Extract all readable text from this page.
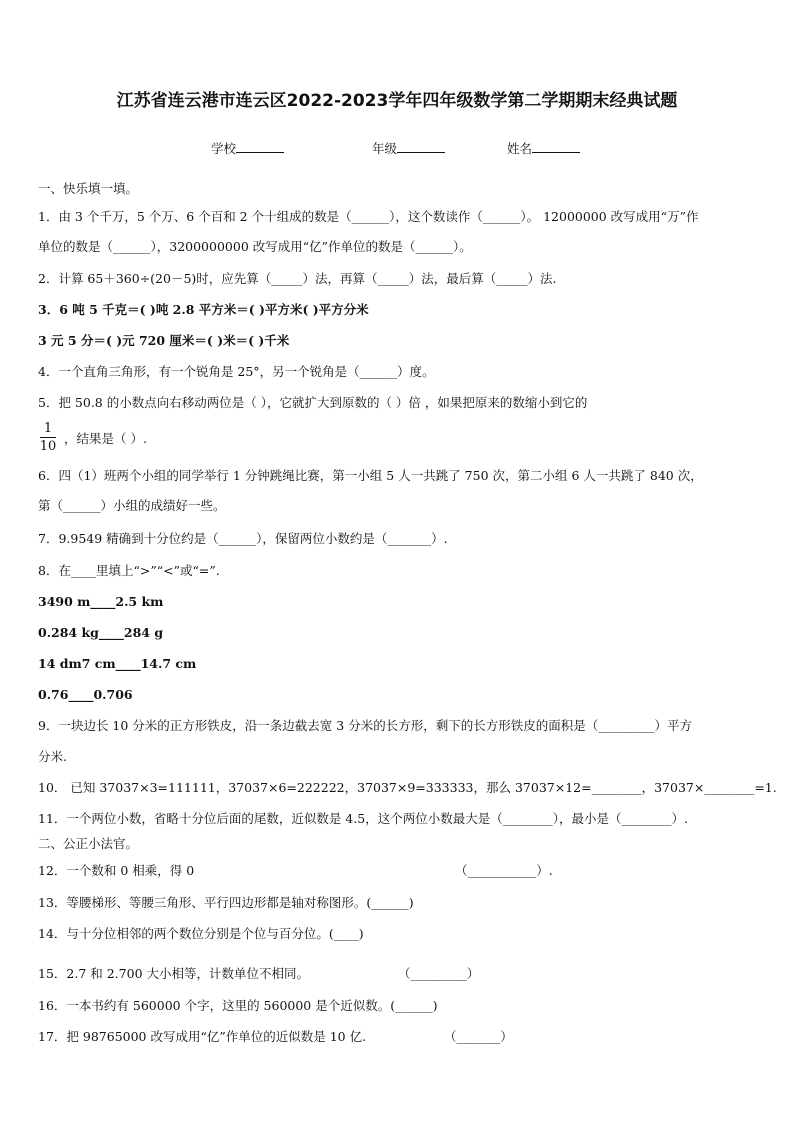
江苏省连云港市连云区2022-2023学年四年级数学第二学期期末经典试题
学校	年级	姓名
一、快乐填一填。
1．由 3 个千万，5 个万、6 个百和 2 个十组成的数是（______），这个数读作（______）。 12000000 改写成用“万”作
单位的数是（______），3200000000 改写成用“亿”作单位的数是（______）。
2．计算 65＋360÷(20－5)时，应先算（_____）法，再算（_____）法，最后算（_____）法.
3．6 吨 5 千克＝( )吨 2.8 平方米＝( )平方米( )平方分米
3 元 5 分＝( )元 720 厘米＝( )米＝( )千米
4．一个直角三角形，有一个锐角是 25°，另一个锐角是（______）度。
5．把 50.8 的小数点向右移动两位是（ ），它就扩大到原数的（ ）倍 ，如果把原来的数缩小到它的
1
10
，结果是（ ）.
6．四（1）班两个小组的同学举行 1 分钟跳绳比赛，第一小组 5 人一共跳了 750 次，第二小组 6 人一共跳了 840 次，
第（______）小组的成绩好一些。
7．9.9549 精确到十分位约是（______），保留两位小数约是（_______）.
8．在____里填上“>”“<”或“=”.
3490 m____2.5 km
0.284 kg____284 g
14 dm7 cm____14.7 cm
0.76____0.706
9．一块边长 10 分米的正方形铁皮，沿一条边截去宽 3 分米的长方形，剩下的长方形铁皮的面积是（_________）平方
分米.
10． 已知 37037×3=111111，37037×6=222222，37037×9=333333，那么 37037×12=________，37037×________=1.
11．一个两位小数，省略十分位后面的尾数，近似数是 4.5，这个两位小数最大是（________），最小是（________）.
二、公正小法官。
12．一个数和 0 相乘，得 0	（___________）.
13．等腰梯形、等腰三角形、平行四边形都是轴对称图形。(______)
14．与十分位相邻的两个数位分别是个位与百分位。(____)
15．2.7 和 2.700 大小相等，计数单位不相同。	（_________）
16．一本书约有 560000 个字，这里的 560000 是个近似数。(______)
17．把 98765000 改写成用“亿”作单位的近似数是 10 亿.	（_______）
